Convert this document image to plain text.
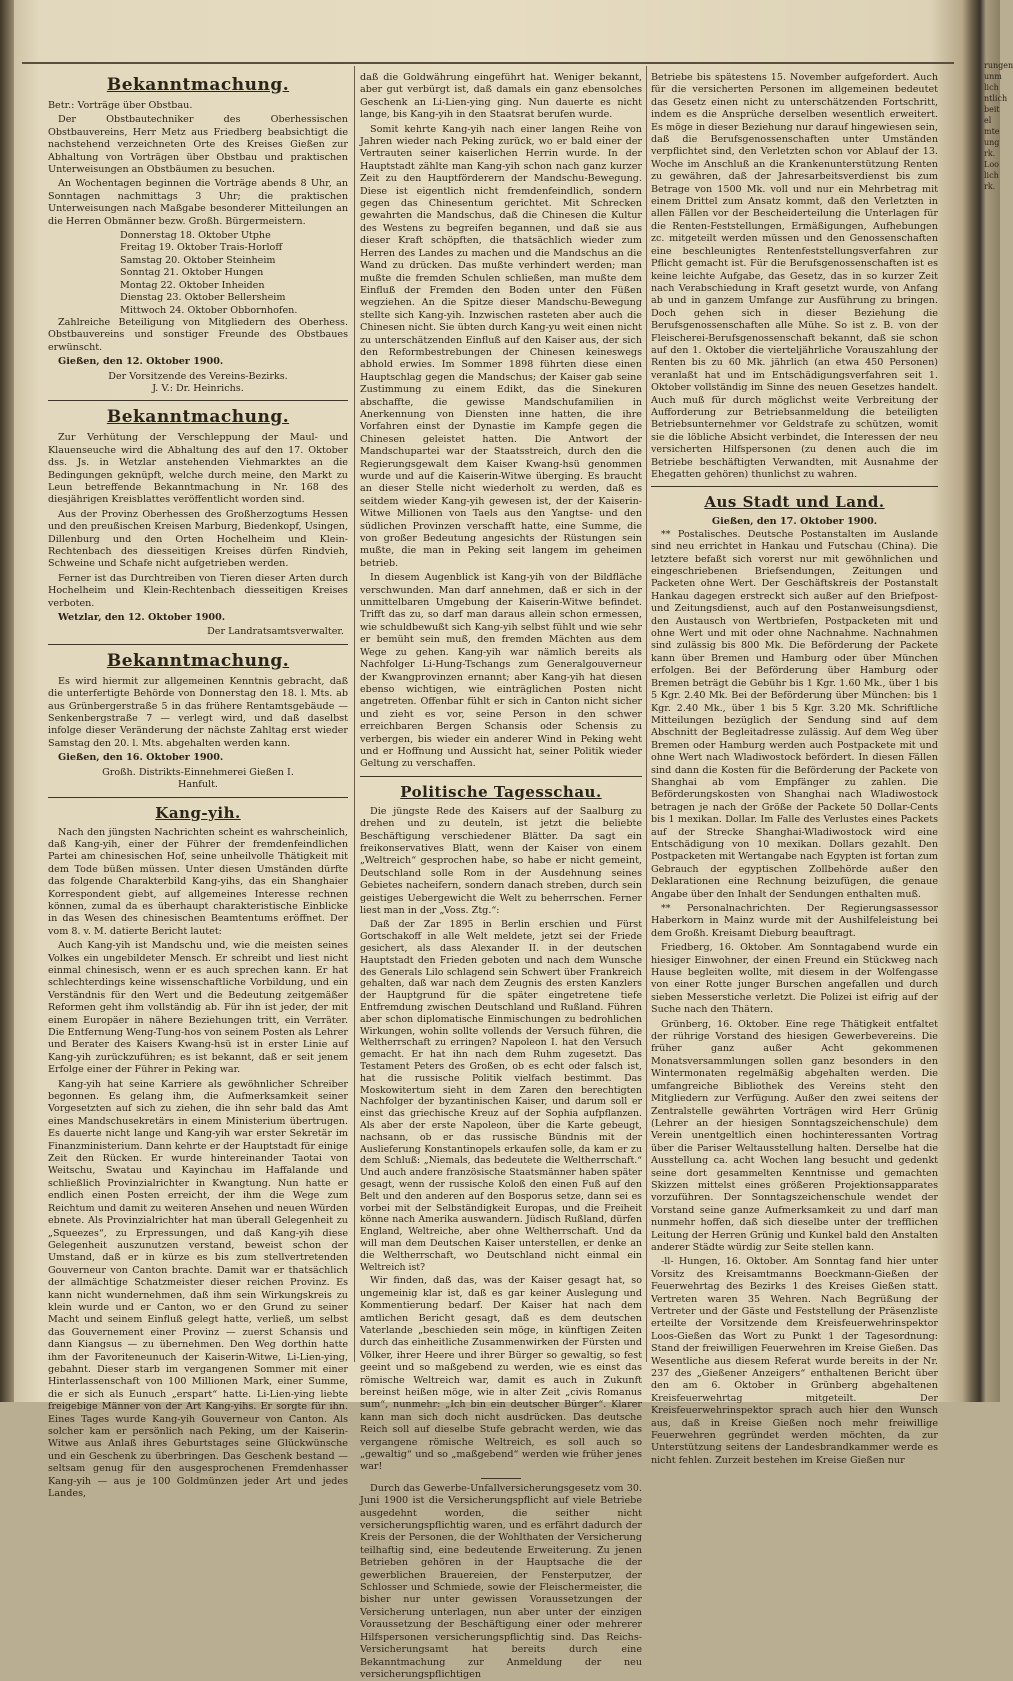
Bekanntmachung.

Betr.: Vorträge über Obstbau.

Der Obstbautechniker des Oberhessischen Obstbauvereins, Herr Metz aus Friedberg beabsichtigt die nachstehend verzeichneten Orte des Kreises Gießen zur Abhaltung von Vorträgen über Obstbau und praktischen Unterweisungen an Obstbäumen zu besuchen.

An Wochentagen beginnen die Vorträge abends 8 Uhr, an Sonntagen nachmittags 3 Uhr; die praktischen Unterweisungen nach Maßgabe besonderer Mitteilungen an die Herren Obmänner bezw. Großh. Bürgermeistern.

Donnerstag 18. Oktober Utphe

Freitag 19. Oktober Trais-Horloff

Samstag 20. Oktober Steinheim

Sonntag 21. Oktober Hungen

Montag 22. Oktober Inheiden

Dienstag 23. Oktober Bellersheim

Mittwoch 24. Oktober Obbornhofen.

Zahlreiche Beteiligung von Mitgliedern des Oberhess. Obstbauvereins und sonstiger Freunde des Obstbaues erwünscht.

Gießen, den 12. Oktober 1900.

Der Vorsitzende des Vereins-Bezirks.

J. V.: Dr. Heinrichs.

Bekanntmachung.

Zur Verhütung der Verschleppung der Maul- und Klauenseuche wird die Abhaltung des auf den 17. Oktober dss. Js. in Wetzlar anstehenden Viehmarktes an die Bedingungen geknüpft, welche durch meine, den Markt zu Leun betreffende Bekanntmachung in Nr. 168 des diesjährigen Kreisblattes veröffentlicht worden sind.

Aus der Provinz Oberhessen des Großherzogtums Hessen und den preußischen Kreisen Marburg, Biedenkopf, Usingen, Dillenburg und den Orten Hochelheim und Klein-Rechtenbach des diesseitigen Kreises dürfen Rindvieh, Schweine und Schafe nicht aufgetrieben werden.

Ferner ist das Durchtreiben von Tieren dieser Arten durch Hochelheim und Klein-Rechtenbach diesseitigen Kreises verboten.

Wetzlar, den 12. Oktober 1900.

Der Landratsamtsverwalter.

Bekanntmachung.

Es wird hiermit zur allgemeinen Kenntnis gebracht, daß die unterfertigte Behörde von Donnerstag den 18. l. Mts. ab aus Grünbergerstraße 5 in das frühere Rentamtsgebäude — Senkenbergstraße 7 — verlegt wird, und daß daselbst infolge dieser Veränderung der nächste Zahltag erst wieder Samstag den 20. l. Mts. abgehalten werden kann.

Gießen, den 16. Oktober 1900.

Großh. Distrikts-Einnehmerei Gießen I.

Hanfult.

Kang-yih.

Nach den jüngsten Nachrichten scheint es wahrscheinlich, daß Kang-yih, einer der Führer der fremdenfeindlichen Partei am chinesischen Hof, seine unheilvolle Thätigkeit mit dem Tode büßen müssen. Unter diesen Umständen dürfte das folgende Charakterbild Kang-yihs, das ein Shanghaier Korrespondent giebt, auf allgemeines Interesse rechnen können, zumal da es überhaupt charakteristische Einblicke in das Wesen des chinesischen Beamtentums eröffnet. Der vom 8. v. M. datierte Bericht lautet:

Auch Kang-yih ist Mandschu und, wie die meisten seines Volkes ein ungebildeter Mensch. Er schreibt und liest nicht einmal chinesisch, wenn er es auch sprechen kann. Er hat schlechterdings keine wissenschaftliche Vorbildung, und ein Verständnis für den Wert und die Bedeutung zeitgemäßer Reformen geht ihm vollständig ab. Für ihn ist jeder, der mit einem Europäer in nähere Beziehungen tritt, ein Verräter. Die Entfernung Weng-Tung-hos von seinem Posten als Lehrer und Berater des Kaisers Kwang-hsü ist in erster Linie auf Kang-yih zurückzuführen; es ist bekannt, daß er seit jenem Erfolge einer der Führer in Peking war.

Kang-yih hat seine Karriere als gewöhnlicher Schreiber begonnen. Es gelang ihm, die Aufmerksamkeit seiner Vorgesetzten auf sich zu ziehen, die ihn sehr bald das Amt eines Mandschusekretärs in einem Ministerium übertrugen. Es dauerte nicht lange und Kang-yih war erster Sekretär im Finanzministerium. Dann kehrte er der Hauptstadt für einige Zeit den Rücken. Er wurde hintereinander Taotai von Weitschu, Swatau und Kayinchau im Haffalande und schließlich Provinzialrichter in Kwangtung. Nun hatte er endlich einen Posten erreicht, der ihm die Wege zum Reichtum und damit zu weiteren Ansehen und neuen Würden ebnete. Als Provinzialrichter hat man überall Gelegenheit zu „Squeezes“, zu Erpressungen, und daß Kang-yih diese Gelegenheit auszunutzen verstand, beweist schon der Umstand, daß er in kürze es bis zum stellvertretenden Gouverneur von Canton brachte. Damit war er thatsächlich der allmächtige Schatzmeister dieser reichen Provinz. Es kann nicht wundernehmen, daß ihm sein Wirkungskreis zu klein wurde und er Canton, wo er den Grund zu seiner Macht und seinem Einfluß gelegt hatte, verließ, um selbst das Gouvernement einer Provinz — zuerst Schansis und dann Kiangsus — zu übernehmen. Den Weg dorthin hatte ihm der Favoriteneunuch der Kaiserin-Witwe, Li-Lien-ying, gebahnt. Dieser starb im vergangenen Sommer mit einer Hinterlassenschaft von 100 Millionen Mark, einer Summe, die er sich als Eunuch „erspart“ hatte. Li-Lien-ying liebte freigebige Männer von der Art Kang-yihs. Er sorgte für ihn. Eines Tages wurde Kang-yih Gouverneur von Canton. Als solcher kam er persönlich nach Peking, um der Kaiserin-Witwe aus Anlaß ihres Geburtstages seine Glückwünsche und ein Geschenk zu überbringen. Das Geschenk bestand — seltsam genug für den ausgesprochenen Fremdenhasser Kang-yih — aus je 100 Goldmünzen jeder Art und jedes Landes,

daß die Goldwährung eingeführt hat. Weniger bekannt, aber gut verbürgt ist, daß damals ein ganz ebensolches Geschenk an Li-Lien-ying ging. Nun dauerte es nicht lange, bis Kang-yih in den Staatsrat berufen wurde.

Somit kehrte Kang-yih nach einer langen Reihe von Jahren wieder nach Peking zurück, wo er bald einer der Vertrauten seiner kaiserlichen Herrin wurde. In der Hauptstadt zählte man Kang-yih schon nach ganz kurzer Zeit zu den Hauptförderern der Mandschu-Bewegung. Diese ist eigentlich nicht fremdenfeindlich, sondern gegen das Chinesentum gerichtet. Mit Schrecken gewahrten die Mandschus, daß die Chinesen die Kultur des Westens zu begreifen begannen, und daß sie aus dieser Kraft schöpften, die thatsächlich wieder zum Herren des Landes zu machen und die Mandschus an die Wand zu drücken. Das mußte verhindert werden; man mußte die fremden Schulen schließen, man mußte dem Einfluß der Fremden den Boden unter den Füßen wegziehen. An die Spitze dieser Mandschu-Bewegung stellte sich Kang-yih. Inzwischen rasteten aber auch die Chinesen nicht. Sie übten durch Kang-yu weit einen nicht zu unterschätzenden Einfluß auf den Kaiser aus, der sich den Reformbestrebungen der Chinesen keineswegs abhold erwies. Im Sommer 1898 führten diese einen Hauptschlag gegen die Mandschus; der Kaiser gab seine Zustimmung zu einem Edikt, das die Sinekuren abschaffte, die gewisse Mandschufamilien in Anerkennung von Diensten inne hatten, die ihre Vorfahren einst der Dynastie im Kampfe gegen die Chinesen geleistet hatten. Die Antwort der Mandschupartei war der Staatsstreich, durch den die Regierungsgewalt dem Kaiser Kwang-hsü genommen wurde und auf die Kaiserin-Witwe überging. Es braucht an dieser Stelle nicht wiederholt zu werden, daß es seitdem wieder Kang-yih gewesen ist, der der Kaiserin-Witwe Millionen von Taels aus den Yangtse- und den südlichen Provinzen verschafft hatte, eine Summe, die von großer Bedeutung angesichts der Rüstungen sein mußte, die man in Peking seit langem im geheimen betrieb.

In diesem Augenblick ist Kang-yih von der Bildfläche verschwunden. Man darf annehmen, daß er sich in der unmittelbaren Umgebung der Kaiserin-Witwe befindet. Trifft das zu, so darf man daraus allein schon ermessen, wie schuldbewußt sich Kang-yih selbst fühlt und wie sehr er bemüht sein muß, den fremden Mächten aus dem Wege zu gehen. Kang-yih war nämlich bereits als Nachfolger Li-Hung-Tschangs zum Generalgouverneur der Kwangprovinzen ernannt; aber Kang-yih hat diesen ebenso wichtigen, wie einträglichen Posten nicht angetreten. Offenbar fühlt er sich in Canton nicht sicher und zieht es vor, seine Person in den schwer erreichbaren Bergen Schansis oder Schensis zu verbergen, bis wieder ein anderer Wind in Peking weht und er Hoffnung und Aussicht hat, seiner Politik wieder Geltung zu verschaffen.

Politische Tagesschau.

Die jüngste Rede des Kaisers auf der Saalburg zu drehen und zu deuteln, ist jetzt die beliebte Beschäftigung verschiedener Blätter. Da sagt ein freikonservatives Blatt, wenn der Kaiser von einem „Weltreich“ gesprochen habe, so habe er nicht gemeint, Deutschland solle Rom in der Ausdehnung seines Gebietes nacheifern, sondern danach streben, durch sein geistiges Uebergewicht die Welt zu beherrschen. Ferner liest man in der „Voss. Ztg.“:

Daß der Zar 1895 in Berlin erschien und Fürst Gortschakoff in alle Welt meldete, jetzt sei der Friede gesichert, als dass Alexander II. in der deutschen Hauptstadt den Frieden geboten und nach dem Wunsche des Generals Lilo schlagend sein Schwert über Frankreich gehalten, daß war nach dem Zeugnis des ersten Kanzlers der Hauptgrund für die später eingetretene tiefe Entfremdung zwischen Deutschland und Rußland. Führen aber schon diplomatische Einmischungen zu bedrohlichen Wirkungen, wohin sollte vollends der Versuch führen, die Weltherrschaft zu erringen? Napoleon I. hat den Versuch gemacht. Er hat ihn nach dem Ruhm zugesetzt. Das Testament Peters des Großen, ob es echt oder falsch ist, hat die russische Politik vielfach bestimmt. Das Moskowitertum sieht in dem Zaren den berechtigten Nachfolger der byzantinischen Kaiser, und darum soll er einst das griechische Kreuz auf der Sophia aufpflanzen. Als aber der erste Napoleon, über die Karte gebeugt, nachsann, ob er das russische Bündnis mit der Auslieferung Konstantinopels erkaufen solle, da kam er zu dem Schluß: „Niemals, das bedeutete die Weltherrschaft.“ Und auch andere französische Staatsmänner haben später gesagt, wenn der russische Koloß den einen Fuß auf den Belt und den anderen auf den Bosporus setze, dann sei es vorbei mit der Selbständigkeit Europas, und die Freiheit könne nach Amerika auswandern. Jüdisch Rußland, dürfen England, Weltreiche, aber ohne Weltherrschaft. Und da will man dem Deutschen Kaiser unterstellen, er denke an die Weltherrschaft, wo Deutschland nicht einmal ein Weltreich ist?

Wir finden, daß das, was der Kaiser gesagt hat, so ungemeinig klar ist, daß es gar keiner Auslegung und Kommentierung bedarf. Der Kaiser hat nach dem amtlichen Bericht gesagt, daß es dem deutschen Vaterlande „beschieden sein möge, in künftigen Zeiten durch das einheitliche Zusammenwirken der Fürsten und Völker, ihrer Heere und ihrer Bürger so gewaltig, so fest geeint und so maßgebend zu werden, wie es einst das römische Weltreich war, damit es auch in Zukunft bereinst heißen möge, wie in alter Zeit „civis Romanus sum“, nunmehr: „Ich bin ein deutscher Bürger“. Klarer kann man sich doch nicht ausdrücken. Das deutsche Reich soll auf dieselbe Stufe gebracht werden, wie das vergangene römische Weltreich, es soll auch so „gewaltig“ und so „maßgebend“ werden wie früher jenes war!

Durch das Gewerbe-Unfallversicherungsgesetz vom 30. Juni 1900 ist die Versicherungspflicht auf viele Betriebe ausgedehnt worden, die seither nicht versicherungspflichtig waren, und es erfährt dadurch der Kreis der Personen, die der Wohlthaten der Versicherung teilhaftig sind, eine bedeutende Erweiterung. Zu jenen Betrieben gehören in der Hauptsache die der gewerblichen Brauereien, der Fensterputzer, der Schlosser und Schmiede, sowie der Fleischermeister, die bisher nur unter gewissen Voraussetzungen der Versicherung unterlagen, nun aber unter der einzigen Voraussetzung der Beschäftigung einer oder mehrerer Hilfspersonen versicherungspflichtig sind. Das Reichs-Versicherungsamt hat bereits durch eine Bekanntmachung zur Anmeldung der neu versicherungspflichtigen

Betriebe bis spätestens 15. November aufgefordert. Auch für die versicherten Personen im allgemeinen bedeutet das Gesetz einen nicht zu unterschätzenden Fortschritt, indem es die Ansprüche derselben wesentlich erweitert. Es möge in dieser Beziehung nur darauf hingewiesen sein, daß die Berufsgenossenschaften unter Umständen verpflichtet sind, den Verletzten schon vor Ablauf der 13. Woche im Anschluß an die Krankenunterstützung Renten zu gewähren, daß der Jahresarbeitsverdienst bis zum Betrage von 1500 Mk. voll und nur ein Mehrbetrag mit einem Drittel zum Ansatz kommt, daß den Verletzten in allen Fällen vor der Bescheiderteilung die Unterlagen für die Renten-Feststellungen, Ermäßigungen, Aufhebungen zc. mitgeteilt werden müssen und den Genossenschaften eine beschleunigtes Rentenfeststellungsverfahren zur Pflicht gemacht ist. Für die Berufsgenossenschaften ist es keine leichte Aufgabe, das Gesetz, das in so kurzer Zeit nach Verabschiedung in Kraft gesetzt wurde, von Anfang ab und in ganzem Umfange zur Ausführung zu bringen. Doch gehen sich in dieser Beziehung die Berufsgenossenschaften alle Mühe. So ist z. B. von der Fleischerei-Berufsgenossenschaft bekannt, daß sie schon auf den 1. Oktober die vierteljährliche Vorauszahlung der Renten bis zu 60 Mk. jährlich (an etwa 450 Personen) veranlaßt hat und im Entschädigungsverfahren seit 1. Oktober vollständig im Sinne des neuen Gesetzes handelt. Auch muß für durch möglichst weite Verbreitung der Aufforderung zur Betriebsanmeldung die beteiligten Betriebsunternehmer vor Geldstrafe zu schützen, womit sie die löbliche Absicht verbindet, die Interessen der neu versicherten Hilfspersonen (zu denen auch die im Betriebe beschäftigten Verwandten, mit Ausnahme der Ehegatten gehören) thunlichst zu wahren.

Aus Stadt und Land.

Gießen, den 17. Oktober 1900.

** Postalisches. Deutsche Postanstalten im Auslande sind neu errichtet in Hankau und Futschau (China). Die letztere befaßt sich vorerst nur mit gewöhnlichen und eingeschriebenen Briefsendungen, Zeitungen und Packeten ohne Wert. Der Geschäftskreis der Postanstalt Hankau dagegen erstreckt sich außer auf den Briefpost- und Zeitungsdienst, auch auf den Postanweisungsdienst, den Austausch von Wertbriefen, Postpacketen mit und ohne Wert und mit oder ohne Nachnahme. Nachnahmen sind zulässig bis 800 Mk. Die Beförderung der Packete kann über Bremen und Hamburg oder über München erfolgen. Bei der Beförderung über Hamburg oder Bremen beträgt die Gebühr bis 1 Kgr. 1.60 Mk., über 1 bis 5 Kgr. 2.40 Mk. Bei der Beförderung über München: bis 1 Kgr. 2.40 Mk., über 1 bis 5 Kgr. 3.20 Mk. Schriftliche Mitteilungen bezüglich der Sendung sind auf dem Abschnitt der Begleitadresse zulässig. Auf dem Weg über Bremen oder Hamburg werden auch Postpackete mit und ohne Wert nach Wladiwostock befördert. In diesen Fällen sind dann die Kosten für die Beförderung der Packete von Shanghai ab vom Empfänger zu zahlen. Die Beförderungskosten von Shanghai nach Wladiwostock betragen je nach der Größe der Packete 50 Dollar-Cents bis 1 mexikan. Dollar. Im Falle des Verlustes eines Packets auf der Strecke Shanghai-Wladiwostock wird eine Entschädigung von 10 mexikan. Dollars gezahlt. Den Postpacketen mit Wertangabe nach Egypten ist fortan zum Gebrauch der egyptischen Zollbehörde außer den Deklarationen eine Rechnung beizufügen, die genaue Angabe über den Inhalt der Sendungen enthalten muß.

** Personalnachrichten. Der Regierungsassessor Haberkorn in Mainz wurde mit der Aushilfeleistung bei dem Großh. Kreisamt Dieburg beauftragt.

Friedberg, 16. Oktober. Am Sonntagabend wurde ein hiesiger Einwohner, der einen Freund ein Stückweg nach Hause begleiten wollte, mit diesem in der Wolfengasse von einer Rotte junger Burschen angefallen und durch sieben Messerstiche verletzt. Die Polizei ist eifrig auf der Suche nach den Thätern.

Grünberg, 16. Oktober. Eine rege Thätigkeit entfaltet der rührige Vorstand des hiesigen Gewerbevereins. Die früher ganz außer Acht gekommenen Monatsversammlungen sollen ganz besonders in den Wintermonaten regelmäßig abgehalten werden. Die umfangreiche Bibliothek des Vereins steht den Mitgliedern zur Verfügung. Außer den zwei seitens der Zentralstelle gewährten Vorträgen wird Herr Grünig (Lehrer an der hiesigen Sonntagszeichenschule) dem Verein unentgeltlich einen hochinteressanten Vortrag über die Pariser Weltausstellung halten. Derselbe hat die Ausstellung ca. acht Wochen lang besucht und gedenkt seine dort gesammelten Kenntnisse und gemachten Skizzen mittelst eines größeren Projektionsapparates vorzuführen. Der Sonntagszeichenschule wendet der Vorstand seine ganze Aufmerksamkeit zu und darf man nunmehr hoffen, daß sich dieselbe unter der trefflichen Leitung der Herren Grünig und Kunkel bald den Anstalten anderer Städte würdig zur Seite stellen kann.

-ll- Hungen, 16. Oktober. Am Sonntag fand hier unter Vorsitz des Kreisamtmanns Boeckmann-Gießen der Feuerwehrtag des Bezirks 1 des Kreises Gießen statt. Vertreten waren 35 Wehren. Nach Begrüßung der Vertreter und der Gäste und Feststellung der Präsenzliste erteilte der Vorsitzende dem Kreisfeuerwehrinspektor Loos-Gießen das Wort zu Punkt 1 der Tagesordnung: Stand der freiwilligen Feuerwehren im Kreise Gießen. Das Wesentliche aus diesem Referat wurde bereits in der Nr. 237 des „Gießener Anzeigers“ enthaltenen Bericht über den am 6. Oktober in Grünberg abgehaltenen Kreisfeuerwehrtag mitgeteilt. Der Kreisfeuerwehrinspektor sprach auch hier den Wunsch aus, daß in Kreise Gießen noch mehr freiwillige Feuerwehren gegründet werden möchten, da zur Unterstützung seitens der Landesbrandkammer werde es nicht fehlen. Zurzeit bestehen im Kreise Gießen nur

rungen
unm
lich
ntlich
beit
el
mte
ung
rk.
Loo
lich
rk.
